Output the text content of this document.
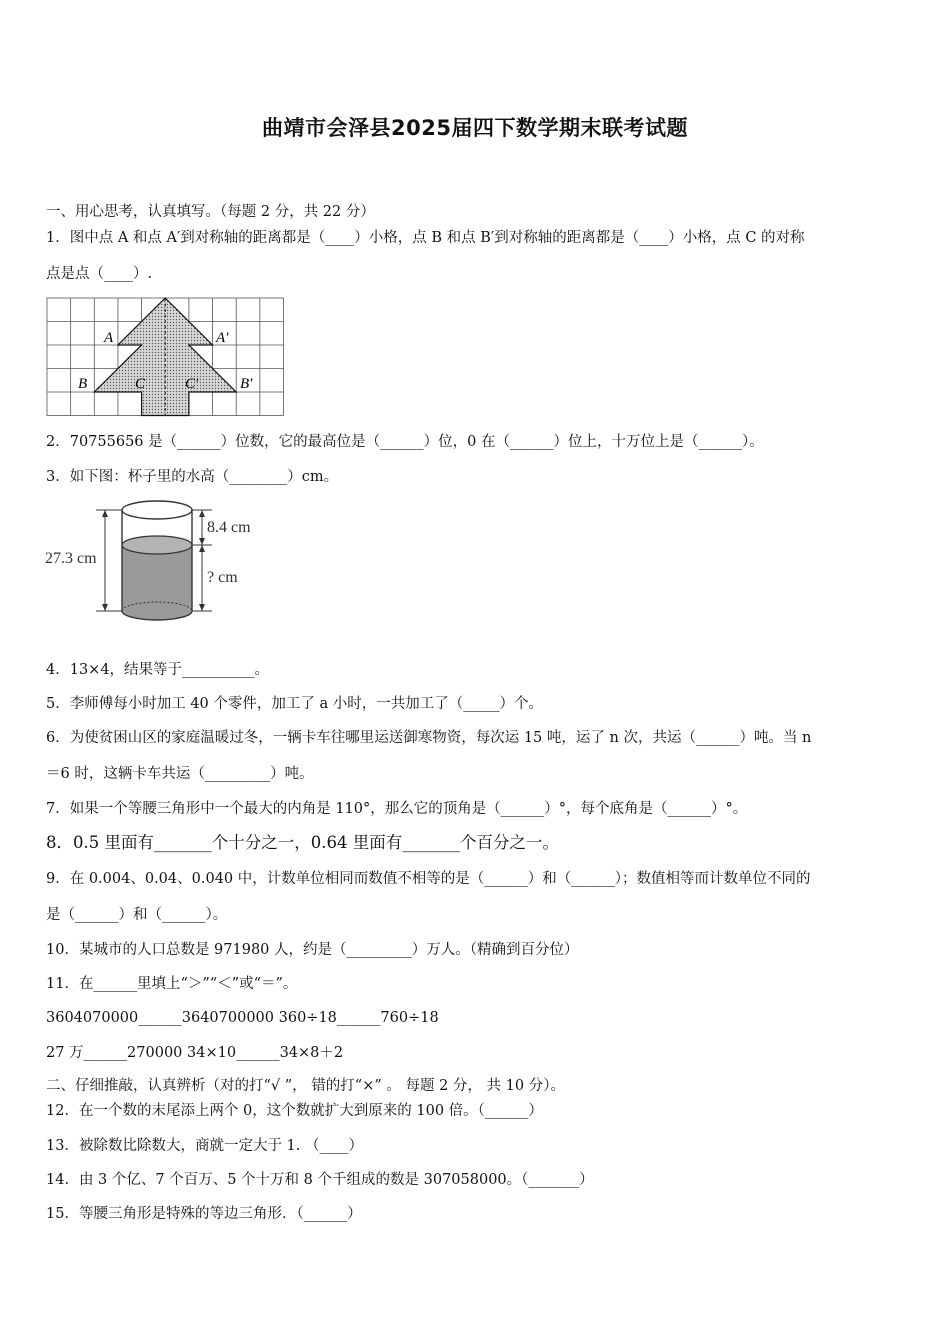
曲靖市会泽县2025届四下数学期末联考试题
一、用心思考，认真填写。（每题 2 分，共 22 分）
1．图中点 A 和点 A′到对称轴的距离都是（____）小格，点 B 和点 B′到对称轴的距离都是（____）小格，点 C 的对称
点是点（____）.
A	A′
B	B′
C	C′
2．70755656 是（______）位数，它的最高位是（______）位，0 在（______）位上，十万位上是（______）。
3．如下图：杯子里的水高（________）cm。
27.3 cm
8.4 cm
? cm
4．13×4，结果等于__________。
5．李师傅每小时加工 40 个零件，加工了 a 小时，一共加工了（_____）个。
6．为使贫困山区的家庭温暖过冬，一辆卡车往哪里运送御寒物资，每次运 15 吨，运了 n 次，共运（______）吨。当 n
＝6 时，这辆卡车共运（_________）吨。
7．如果一个等腰三角形中一个最大的内角是 110°，那么它的顶角是（______）°，每个底角是（______）°。
8．0.5 里面有_______个十分之一，0.64 里面有_______个百分之一。
9．在 0.004、0.04、0.040 中，计数单位相同而数值不相等的是（______）和（______）；数值相等而计数单位不同的
是（______）和（______）。
10．某城市的人口总数是 971980 人，约是（_________）万人。（精确到百分位）
11．在______里填上“＞”“＜”或“＝”。
3604070000______3640700000 360÷18______760÷18
27 万______270000 34×10______34×8＋2
二、仔细推敲，认真辨析（对的打“√ ”， 错的打“×” 。 每题 2 分， 共 10 分）。
12．在一个数的末尾添上两个 0，这个数就扩大到原来的 100 倍。（______）
13．被除数比除数大，商就一定大于 1. （____）
14．由 3 个亿、7 个百万、5 个十万和 8 个千组成的数是 307058000。（_______）
15．等腰三角形是特殊的等边三角形．（______）
